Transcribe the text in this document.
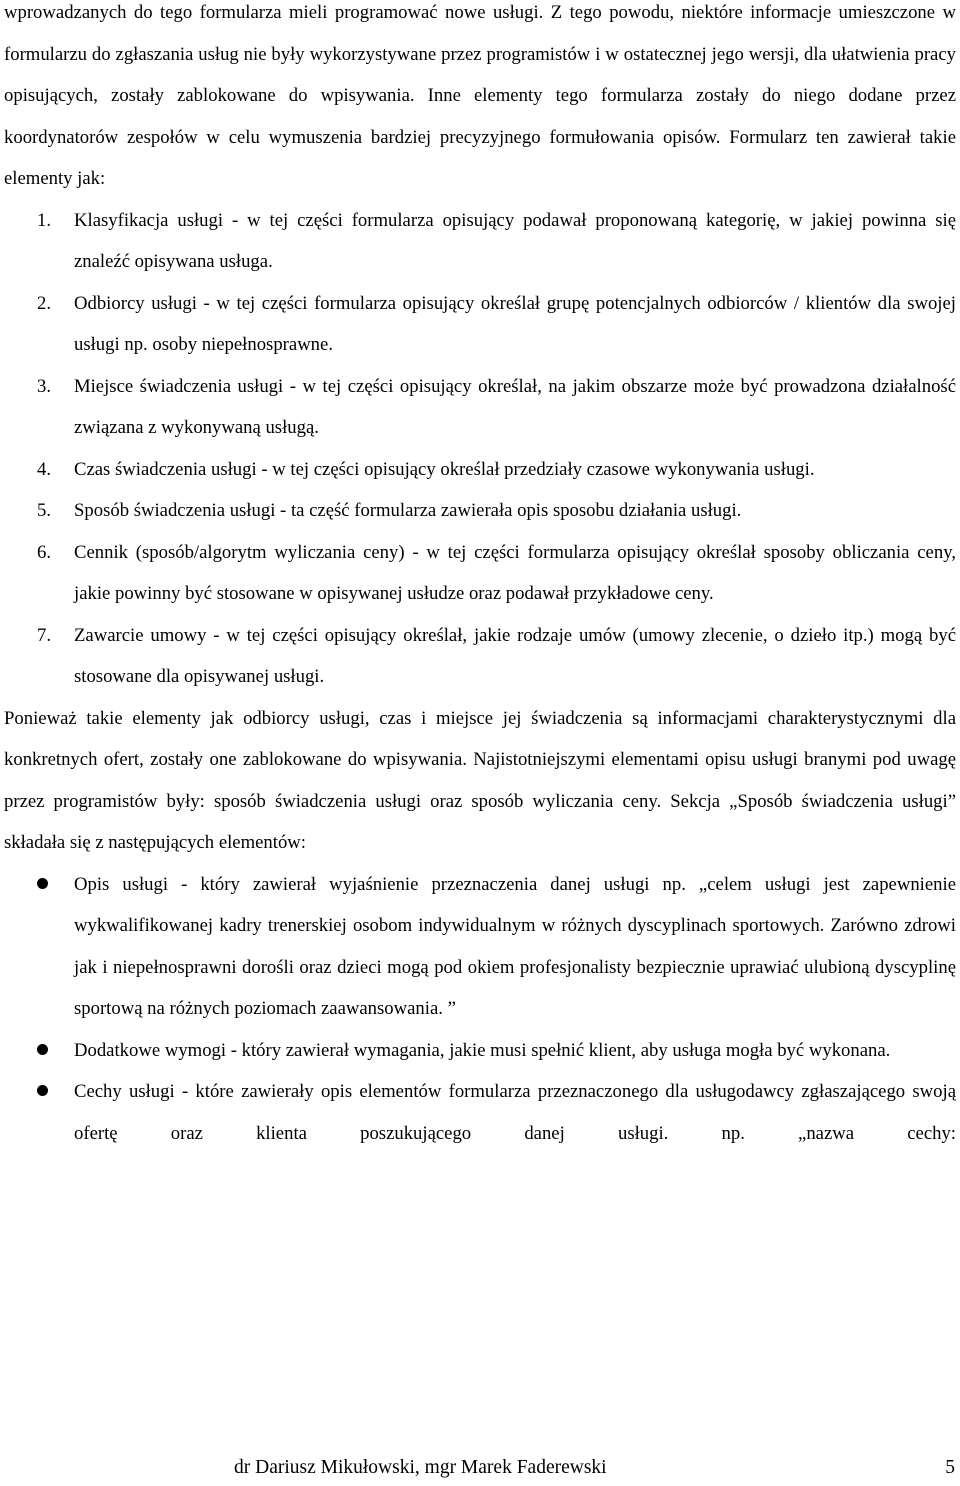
wprowadzanych do tego formularza mieli programować nowe usługi. Z tego powodu, niektóre informacje umieszczone w formularzu do zgłaszania usług nie były wykorzystywane przez programistów i w ostatecznej jego wersji, dla ułatwienia pracy opisujących, zostały zablokowane do wpisywania. Inne elementy tego formularza zostały do niego dodane przez koordynatorów zespołów w celu wymuszenia bardziej precyzyjnego formułowania opisów. Formularz ten zawierał takie elementy jak:

1. Klasyfikacja usługi - w tej części formularza opisujący podawał proponowaną kategorię, w jakiej powinna się znaleźć opisywana usługa.
2. Odbiorcy usługi - w tej części formularza opisujący określał grupę potencjalnych odbiorców / klientów dla swojej usługi np. osoby niepełnosprawne.
3. Miejsce świadczenia usługi - w tej części opisujący określał, na jakim obszarze może być prowadzona działalność związana z wykonywaną usługą.
4. Czas świadczenia usługi - w tej części opisujący określał przedziały czasowe wykonywania usługi.
5. Sposób świadczenia usługi - ta część formularza zawierała opis sposobu działania usługi.
6. Cennik (sposób/algorytm wyliczania ceny) - w tej części formularza opisujący określał sposoby obliczania ceny, jakie powinny być stosowane w opisywanej usłudze oraz podawał przykładowe ceny.
7. Zawarcie umowy - w tej części opisujący określał, jakie rodzaje umów (umowy zlecenie, o dzieło itp.) mogą być stosowane dla opisywanej usługi.

Ponieważ takie elementy jak odbiorcy usługi, czas i miejsce jej świadczenia są informacjami charakterystycznymi dla konkretnych ofert, zostały one zablokowane do wpisywania. Najistotniejszymi elementami opisu usługi branymi pod uwagę przez programistów były: sposób świadczenia usługi oraz sposób wyliczania ceny. Sekcja „Sposób świadczenia usługi” składała się z następujących elementów:

Opis usługi - który zawierał wyjaśnienie przeznaczenia danej usługi np. „celem usługi jest zapewnienie wykwalifikowanej kadry trenerskiej osobom indywidualnym w różnych dyscyplinach sportowych. Zarówno zdrowi jak i niepełnosprawni dorośli oraz dzieci mogą pod okiem profesjonalisty bezpiecznie uprawiać ulubioną dyscyplinę sportową na różnych poziomach zaawansowania. ”
Dodatkowe wymogi - który zawierał wymagania, jakie musi spełnić klient, aby usługa mogła być wykonana.
Cechy usługi - które zawierały opis elementów formularza przeznaczonego dla usługodawcy zgłaszającego swoją ofertę oraz klienta poszukującego danej usługi. np. „nazwa cechy:
dr Dariusz Mikułowski, mgr Marek Faderewski	5
